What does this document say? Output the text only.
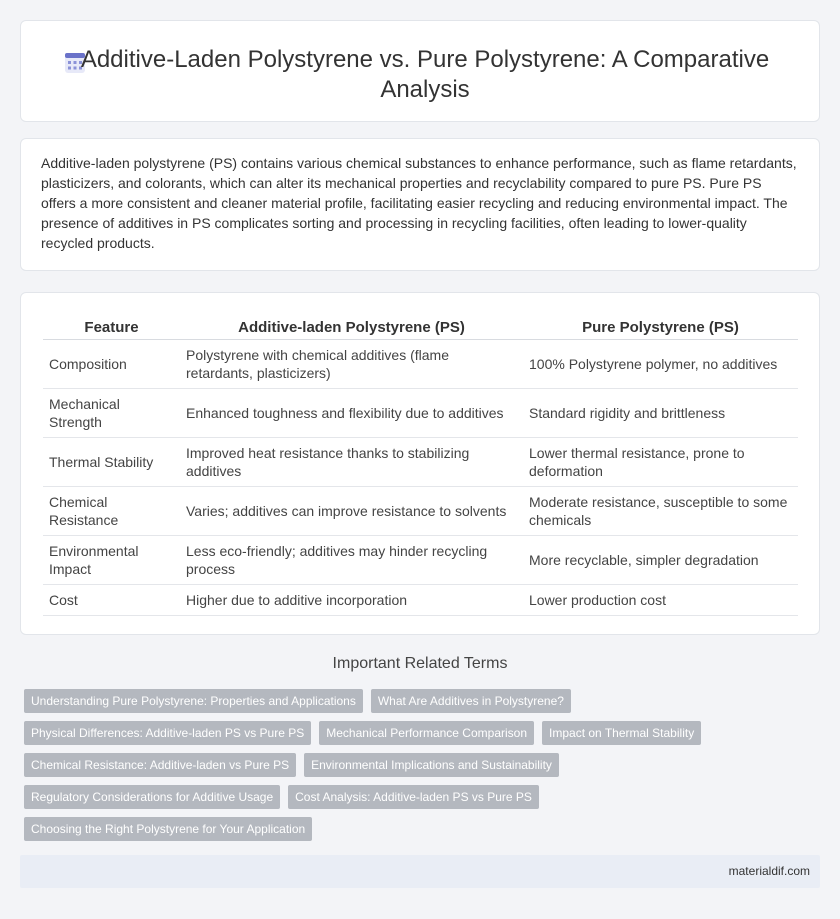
Additive-Laden Polystyrene vs. Pure Polystyrene: A Comparative Analysis

Additive-laden polystyrene (PS) contains various chemical substances to enhance performance, such as flame retardants, plasticizers, and colorants, which can alter its mechanical properties and recyclability compared to pure PS. Pure PS offers a more consistent and cleaner material profile, facilitating easier recycling and reducing environmental impact. The presence of additives in PS complicates sorting and processing in recycling facilities, often leading to lower-quality recycled products.

Feature	Additive-laden Polystyrene (PS)	Pure Polystyrene (PS)
Composition	Polystyrene with chemical additives (flame retardants, plasticizers)	100% Polystyrene polymer, no additives
Mechanical Strength	Enhanced toughness and flexibility due to additives	Standard rigidity and brittleness
Thermal Stability	Improved heat resistance thanks to stabilizing additives	Lower thermal resistance, prone to deformation
Chemical Resistance	Varies; additives can improve resistance to solvents	Moderate resistance, susceptible to some chemicals
Environmental Impact	Less eco-friendly; additives may hinder recycling process	More recyclable, simpler degradation
Cost	Higher due to additive incorporation	Lower production cost
Important Related Terms
Understanding Pure Polystyrene: Properties and Applications	What Are Additives in Polystyrene?
Physical Differences: Additive-laden PS vs Pure PS	Mechanical Performance Comparison	Impact on Thermal Stability
Chemical Resistance: Additive-laden vs Pure PS	Environmental Implications and Sustainability
Regulatory Considerations for Additive Usage	Cost Analysis: Additive-laden PS vs Pure PS
Choosing the Right Polystyrene for Your Application
materialdif.com
